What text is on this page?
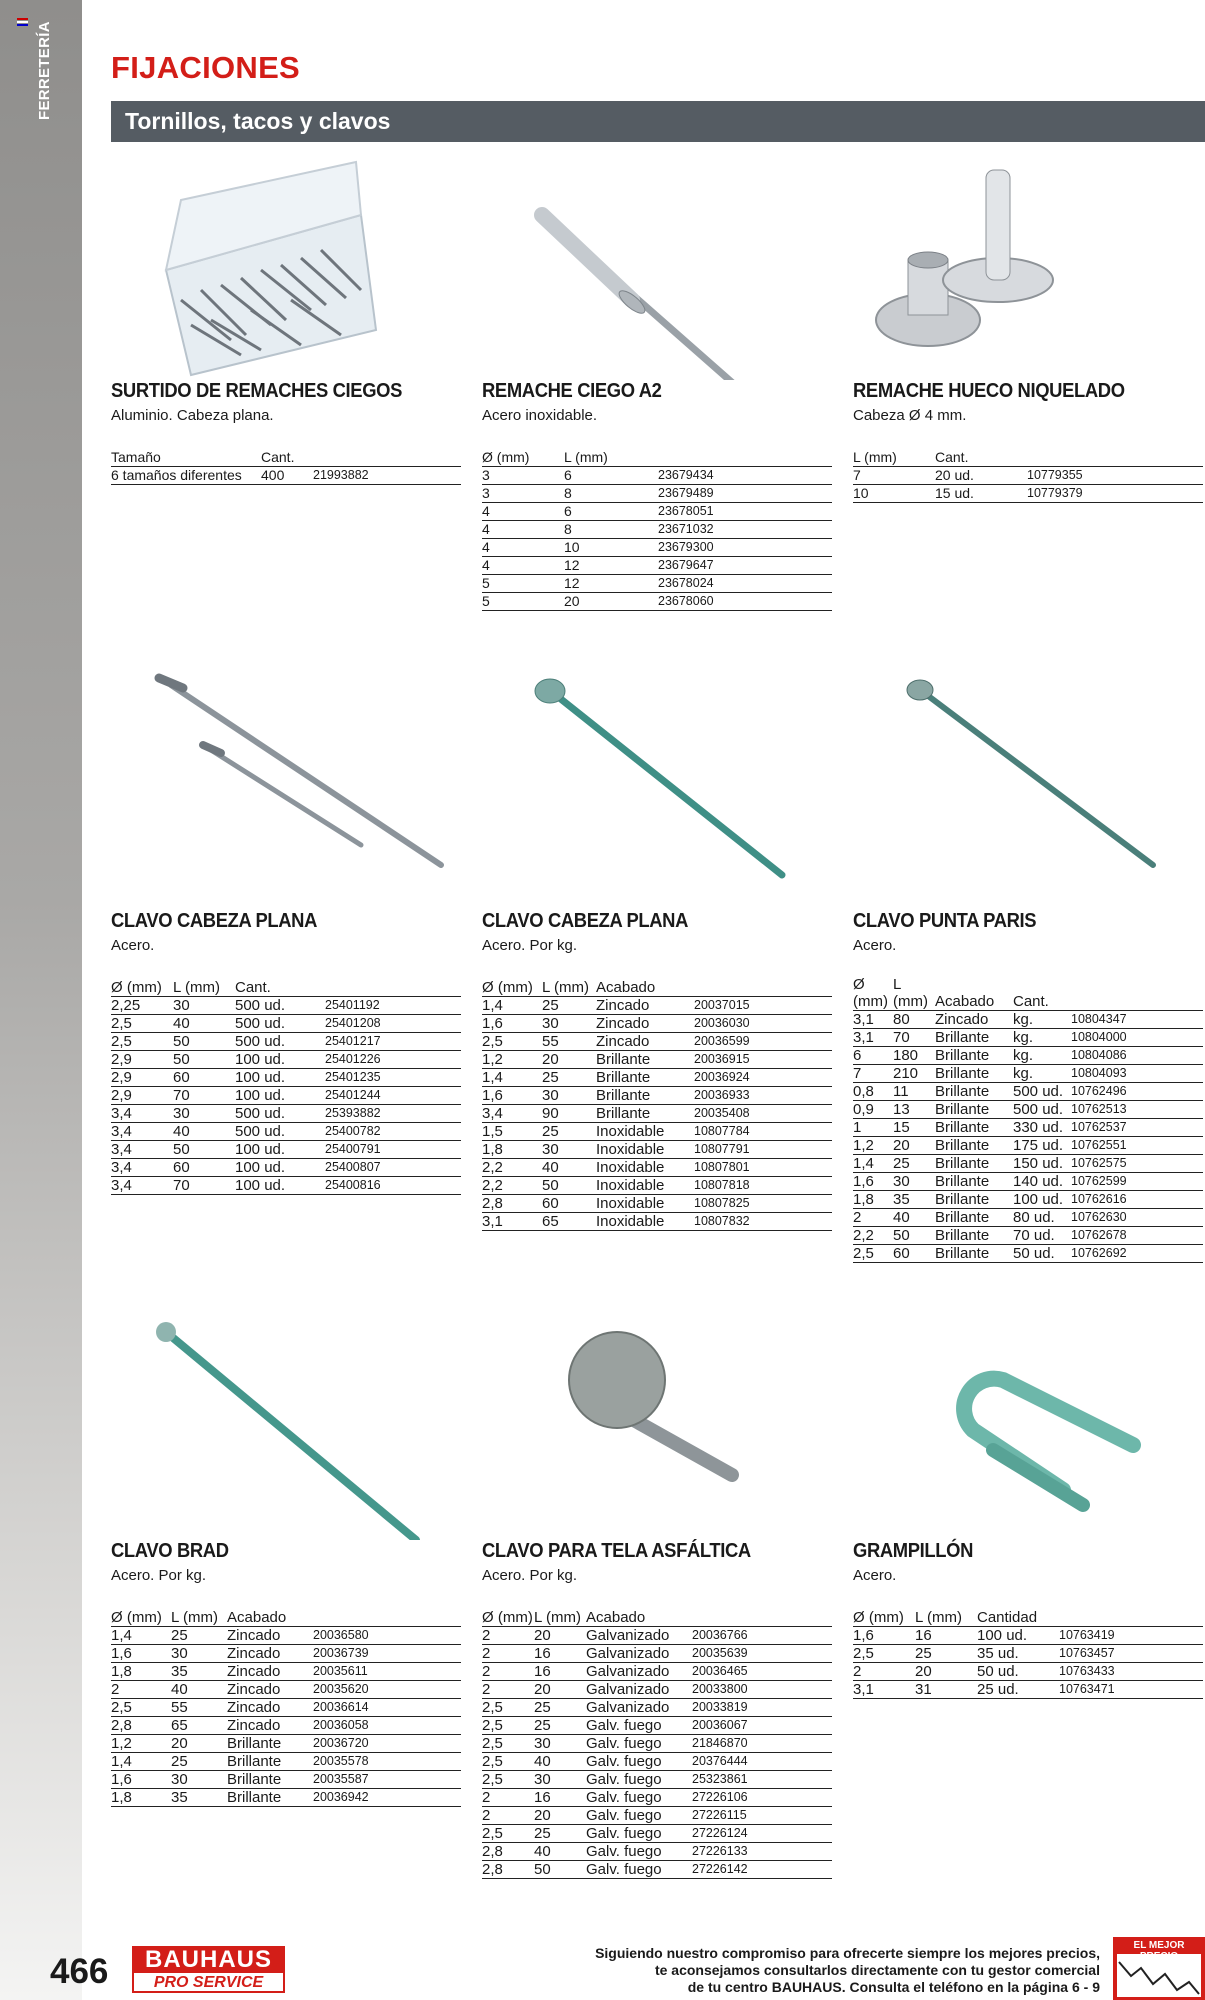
FERRETERÍA FIJACIONES
Tornillos, tacos y clavos
SURTIDO DE REMACHES CIEGOS
Aluminio. Cabeza plana.
Tamaño	Cant.	
6 tamaños diferentes	400	21993882
REMACHE CIEGO A2
Acero inoxidable.
Ø (mm)	L (mm)	
3	6	23679434
3	8	23679489
4	6	23678051
4	8	23671032
4	10	23679300
4	12	23679647
5	12	23678024
5	20	23678060
REMACHE HUECO NIQUELADO
Cabeza Ø 4 mm.
L (mm)	Cant.	
7	20 ud.	10779355
10	15 ud.	10779379
CLAVO CABEZA PLANA
Acero.
Ø (mm)	L (mm)	Cant.	
2,25	30	500 ud.	25401192
2,5	40	500 ud.	25401208
2,5	50	500 ud.	25401217
2,9	50	100 ud.	25401226
2,9	60	100 ud.	25401235
2,9	70	100 ud.	25401244
3,4	30	500 ud.	25393882
3,4	40	500 ud.	25400782
3,4	50	100 ud.	25400791
3,4	60	100 ud.	25400807
3,4	70	100 ud.	25400816
CLAVO CABEZA PLANA
Acero. Por kg.
Ø (mm)	L (mm)	Acabado	
1,4	25	Zincado	20037015
1,6	30	Zincado	20036030
2,5	55	Zincado	20036599
1,2	20	Brillante	20036915
1,4	25	Brillante	20036924
1,6	30	Brillante	20036933
3,4	90	Brillante	20035408
1,5	25	Inoxidable	10807784
1,8	30	Inoxidable	10807791
2,2	40	Inoxidable	10807801
2,2	50	Inoxidable	10807818
2,8	60	Inoxidable	10807825
3,1	65	Inoxidable	10807832
CLAVO PUNTA PARIS
Acero.
Ø (mm)	L (mm)	Acabado	Cant.	
3,1	80	Zincado	kg.	10804347
3,1	70	Brillante	kg.	10804000
6	180	Brillante	kg.	10804086
7	210	Brillante	kg.	10804093
0,8	11	Brillante	500 ud.	10762496
0,9	13	Brillante	500 ud.	10762513
1	15	Brillante	330 ud.	10762537
1,2	20	Brillante	175 ud.	10762551
1,4	25	Brillante	150 ud.	10762575
1,6	30	Brillante	140 ud.	10762599
1,8	35	Brillante	100 ud.	10762616
2	40	Brillante	80 ud.	10762630
2,2	50	Brillante	70 ud.	10762678
2,5	60	Brillante	50 ud.	10762692
CLAVO BRAD
Acero. Por kg.
Ø (mm)	L (mm)	Acabado	
1,4	25	Zincado	20036580
1,6	30	Zincado	20036739
1,8	35	Zincado	20035611
2	40	Zincado	20035620
2,5	55	Zincado	20036614
2,8	65	Zincado	20036058
1,2	20	Brillante	20036720
1,4	25	Brillante	20035578
1,6	30	Brillante	20035587
1,8	35	Brillante	20036942
CLAVO PARA TELA ASFÁLTICA
Acero. Por kg.
Ø (mm)	L (mm)	Acabado	
2	20	Galvanizado	20036766
2	16	Galvanizado	20035639
2	16	Galvanizado	20036465
2	20	Galvanizado	20033800
2,5	25	Galvanizado	20033819
2,5	25	Galv. fuego	20036067
2,5	30	Galv. fuego	21846870
2,5	40	Galv. fuego	20376444
2,5	30	Galv. fuego	25323861
2	16	Galv. fuego	27226106
2	20	Galv. fuego	27226115
2,5	25	Galv. fuego	27226124
2,8	40	Galv. fuego	27226133
2,8	50	Galv. fuego	27226142
GRAMPILLÓN
Acero.
Ø (mm)	L (mm)	Cantidad	
1,6	16	100 ud.	10763419
2,5	25	35 ud.	10763457
2	20	50 ud.	10763433
3,1	31	25 ud.	10763471
466	BAUHAUS
PRO SERVICE
Siguiendo nuestro compromiso para ofrecerte siempre los mejores precios,
te aconsejamos consultarlos directamente con tu gestor comercial
de tu centro BAUHAUS. Consulta el teléfono en la página 6 - 9
EL MEJOR
